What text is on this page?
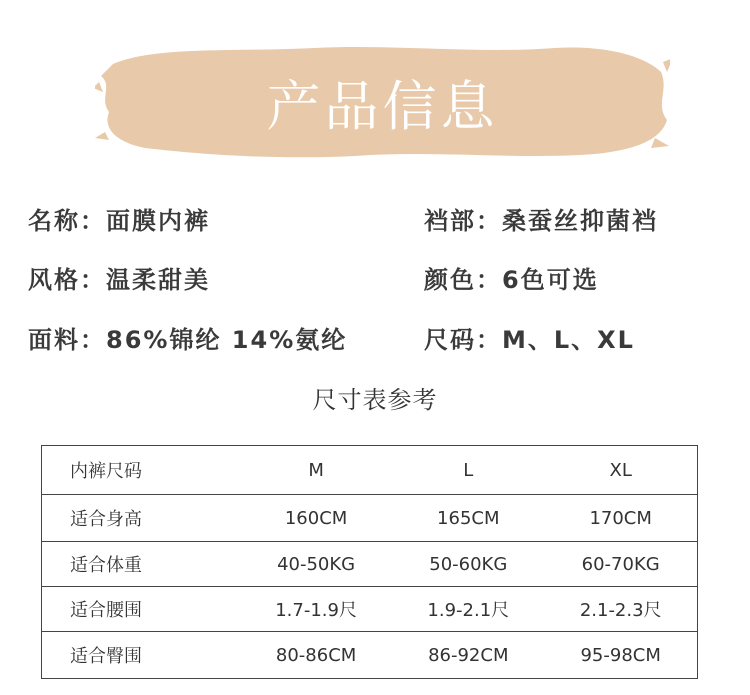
产品信息
名称：面膜内裤
风格：温柔甜美
面料：86%锦纶 14%氨纶
裆部：桑蚕丝抑菌裆
颜色：6色可选
尺码：M、L、XL
尺寸表参考
内裤尺码	M	L	XL
适合身高	160CM	165CM	170CM
适合体重	40-50KG	50-60KG	60-70KG
适合腰围	1.7-1.9尺	1.9-2.1尺	2.1-2.3尺
适合臀围	80-86CM	86-92CM	95-98CM
